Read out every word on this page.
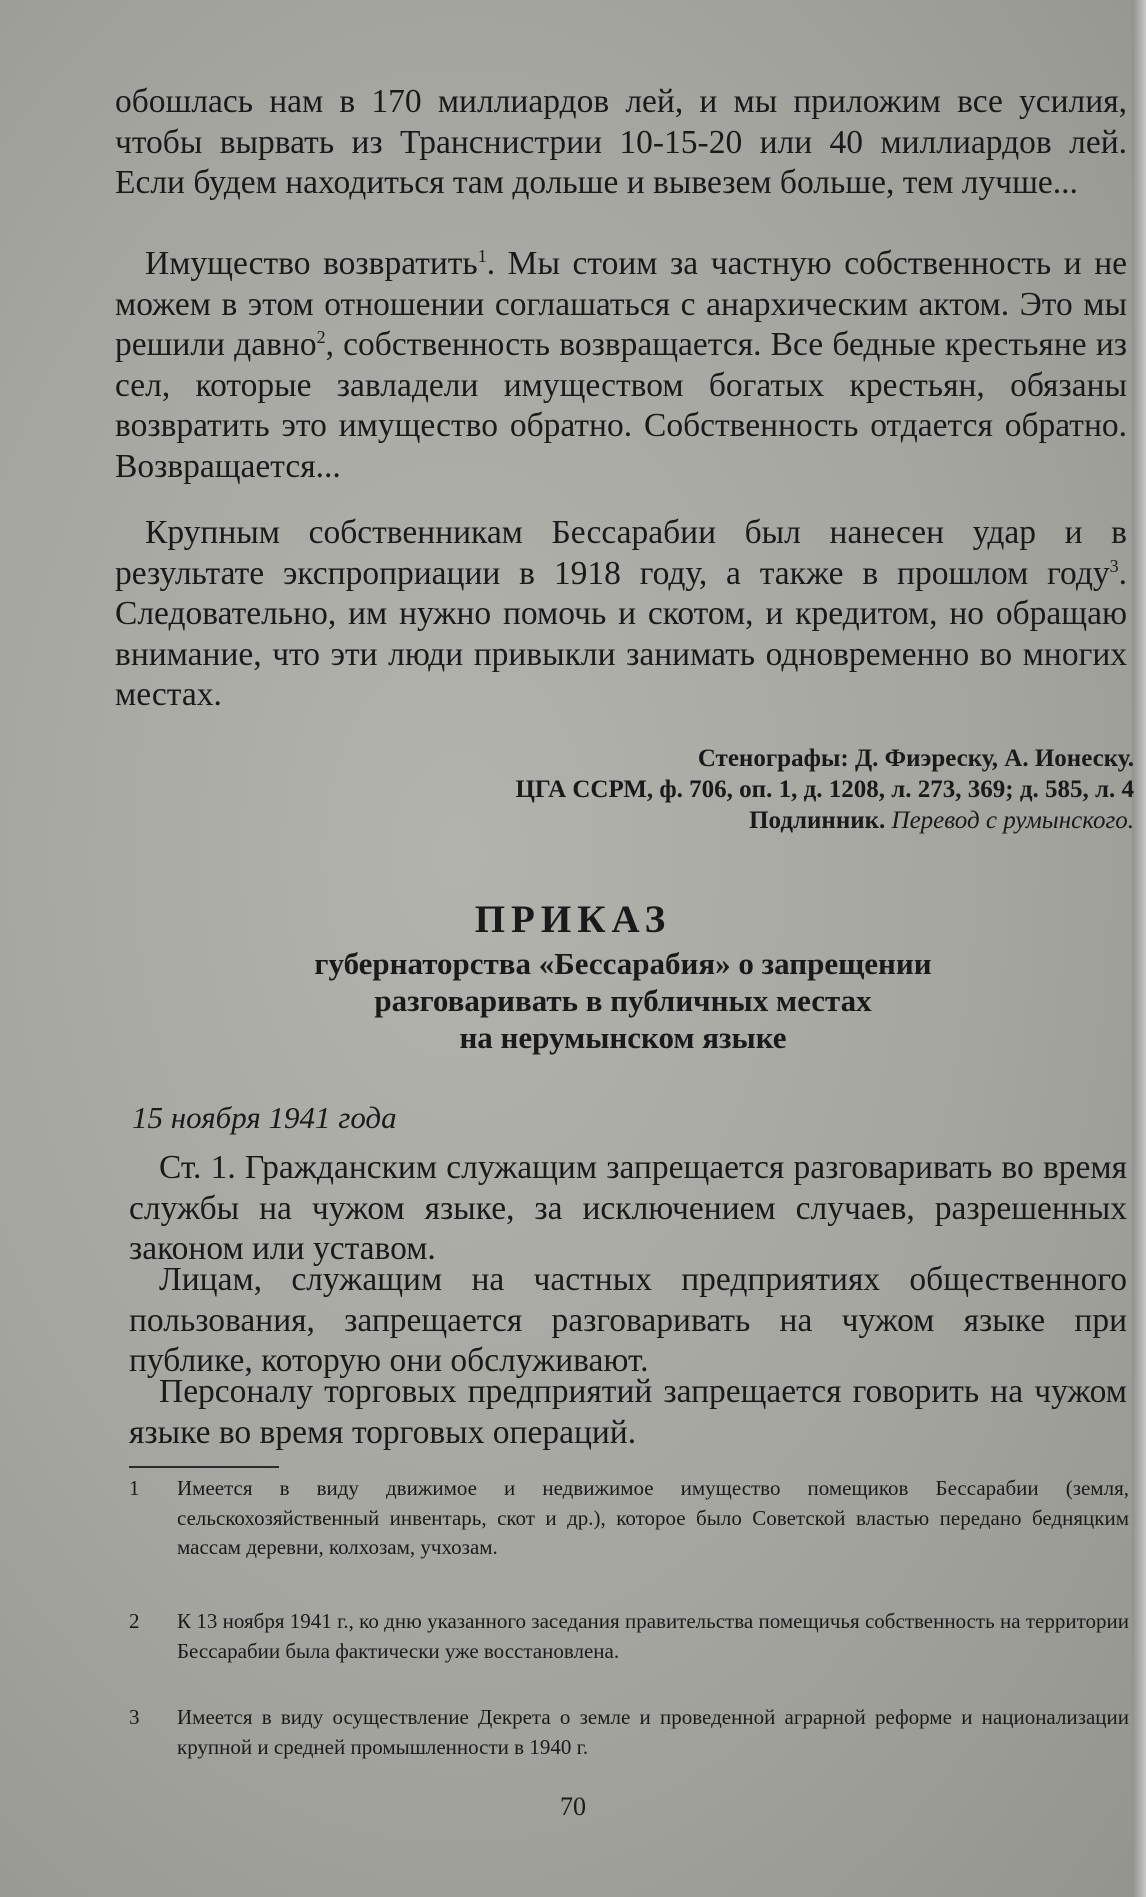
обошлась нам в 170 миллиардов лей, и мы приложим все усилия, чтобы вырвать из Транснистрии 10-15-20 или 40 миллиардов лей. Если будем находиться там дольше и вывезем больше, тем лучше...

Имущество возвратить$^1$. Мы стоим за частную собственность и не можем в этом отношении соглашаться с анархическим актом. Это мы решили давно$^2$, собственность возвращается. Все бедные крестьяне из сел, которые завладели имуществом богатых крестьян, обязаны возвратить это имущество обратно. Собственность отдается обратно. Возвращается...

Крупным собственникам Бессарабии был нанесен удар и в результате экспроприации в 1918 году, а также в прошлом году$^3$. Следовательно, им нужно помочь и скотом, и кредитом, но обращаю внимание, что эти люди привыкли занимать одновременно во многих местах.

Стенографы: Д. Фиэреску, А. Ионеску.
ЦГА ССРМ, ф. 706, оп. 1, д. 1208, л. 273, 369; д. 585, л. 4
Подлинник. Перевод с румынского.
ПРИКАЗ
губернаторства «Бессарабия» о запрещении
разговаривать в публичных местах
на нерумынском языке

15 ноября 1941 года

Ст. 1. Гражданским служащим запрещается разговаривать во время службы на чужом языке, за исключением случаев, разрешенных законом или уставом.

Лицам, служащим на частных предприятиях общественного пользования, запрещается разговаривать на чужом языке при публике, которую они обслуживают.

Персоналу торговых предприятий запрещается говорить на чужом языке во время торговых операций.

1	Имеется в виду движимое и недвижимое имущество помещиков Бессарабии (земля, сельскохозяйственный инвентарь, скот и др.), которое было Советской властью передано бедняцким массам деревни, колхозам, учхозам.
2	К 13 ноября 1941 г., ко дню указанного заседания правительства помещичья собственность на территории Бессарабии была фактически уже восстановлена.
3	Имеется в виду осуществление Декрета о земле и проведенной аграрной реформе и национализации крупной и средней промышленности в 1940 г.

70
